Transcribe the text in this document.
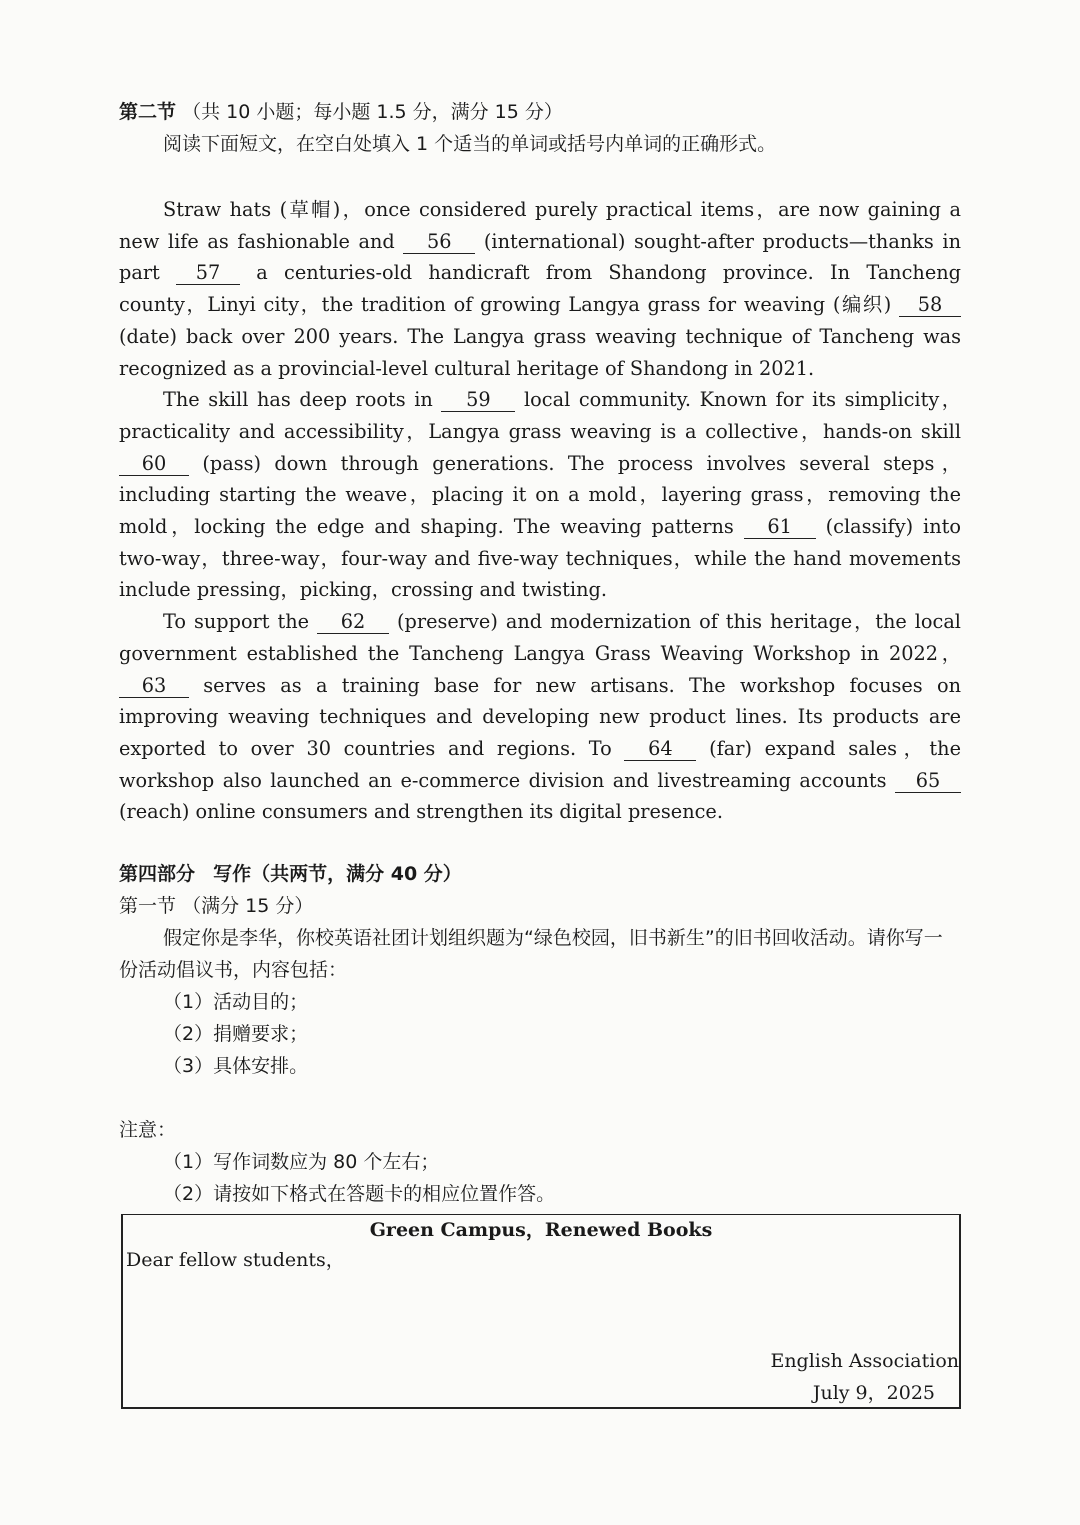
第二节 （共 10 小题；每小题 1.5 分，满分 15 分）
阅读下面短文，在空白处填入 1 个适当的单词或括号内单词的正确形式。

Straw hats (草帽)，once considered purely practical items，are now gaining a new life as fashionable and 56 (international) sought-after products—thanks in part 57 a centuries-old handicraft from Shandong province. In Tancheng county，Linyi city，the tradition of growing Langya grass for weaving (编织) 58 (date) back over 200 years. The Langya grass weaving technique of Tancheng was recognized as a provincial-level cultural heritage of Shandong in 2021.

The skill has deep roots in 59 local community. Known for its simplicity，practicality and accessibility，Langya grass weaving is a collective，hands-on skill 60 (pass) down through generations. The process involves several steps，including starting the weave，placing it on a mold，layering grass，removing the mold，locking the edge and shaping. The weaving patterns 61 (classify) into two-way，three-way，four-way and five-way techniques，while the hand movements include pressing，picking，crossing and twisting.

To support the 62 (preserve) and modernization of this heritage，the local government established the Tancheng Langya Grass Weaving Workshop in 2022，63 serves as a training base for new artisans. The workshop focuses on improving weaving techniques and developing new product lines. Its products are exported to over 30 countries and regions. To 64 (far) expand sales，the workshop also launched an e-commerce division and livestreaming accounts 65 (reach) online consumers and strengthen its digital presence.

第四部分 写作（共两节，满分 40 分）
第一节 （满分 15 分）

假定你是李华，你校英语社团计划组织题为“绿色校园，旧书新生”的旧书回收活动。请你写一份活动倡议书，内容包括：

（1）活动目的；
（2）捐赠要求；
（3）具体安排。
注意：
（1）写作词数应为 80 个左右；
（2）请按如下格式在答题卡的相应位置作答。
Green Campus，Renewed Books
Dear fellow students，
English Association
July 9，2025
